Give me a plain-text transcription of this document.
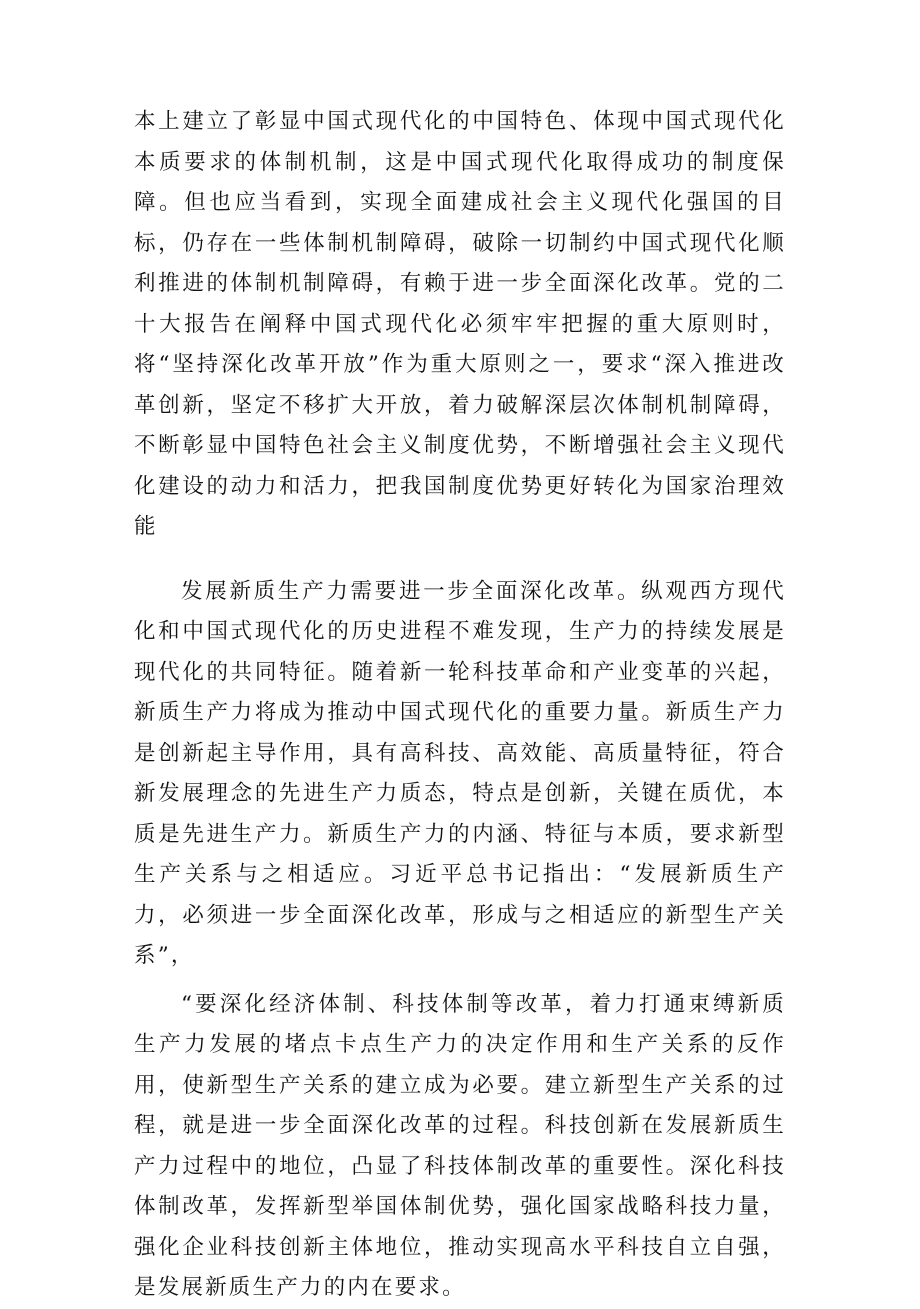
本上建立了彰显中国式现代化的中国特色、体现中国式现代化本质要求的体制机制，这是中国式现代化取得成功的制度保障。但也应当看到，实现全面建成社会主义现代化强国的目标，仍存在一些体制机制障碍，破除一切制约中国式现代化顺利推进的体制机制障碍，有赖于进一步全面深化改革。党的二十大报告在阐释中国式现代化必须牢牢把握的重大原则时，将“坚持深化改革开放”作为重大原则之一，要求“深入推进改革创新，坚定不移扩大开放，着力破解深层次体制机制障碍，不断彰显中国特色社会主义制度优势，不断增强社会主义现代化建设的动力和活力，把我国制度优势更好转化为国家治理效能

发展新质生产力需要进一步全面深化改革。纵观西方现代化和中国式现代化的历史进程不难发现，生产力的持续发展是现代化的共同特征。随着新一轮科技革命和产业变革的兴起，新质生产力将成为推动中国式现代化的重要力量。新质生产力是创新起主导作用，具有高科技、高效能、高质量特征，符合新发展理念的先进生产力质态，特点是创新，关键在质优，本质是先进生产力。新质生产力的内涵、特征与本质，要求新型生产关系与之相适应。习近平总书记指出：“发展新质生产力，必须进一步全面深化改革，形成与之相适应的新型生产关系”，

“要深化经济体制、科技体制等改革，着力打通束缚新质生产力发展的堵点卡点生产力的决定作用和生产关系的反作用，使新型生产关系的建立成为必要。建立新型生产关系的过程，就是进一步全面深化改革的过程。科技创新在发展新质生产力过程中的地位，凸显了科技体制改革的重要性。深化科技体制改革，发挥新型举国体制优势，强化国家战略科技力量，强化企业科技创新主体地位，推动实现高水平科技自立自强，是发展新质生产力的内在要求。
